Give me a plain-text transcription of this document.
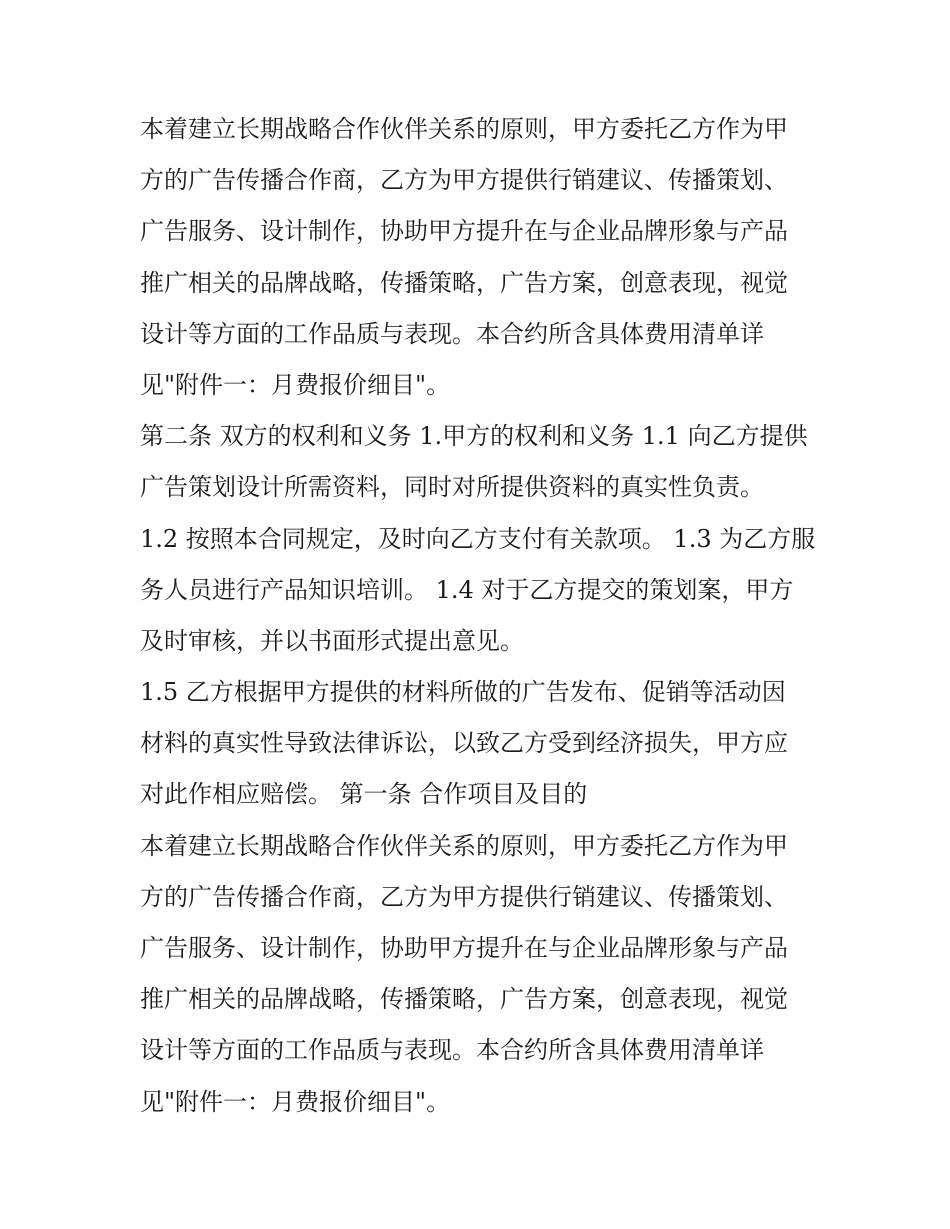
本着建立长期战略合作伙伴关系的原则，甲方委托乙方作为甲
方的广告传播合作商，乙方为甲方提供行销建议、传播策划、
广告服务、设计制作，协助甲方提升在与企业品牌形象与产品
推广相关的品牌战略，传播策略，广告方案，创意表现，视觉
设计等方面的工作品质与表现。本合约所含具体费用清单详
见"附件一：月费报价细目"。
第二条 双方的权利和义务 1.甲方的权利和义务 1.1 向乙方提供
广告策划设计所需资料，同时对所提供资料的真实性负责。
1.2 按照本合同规定，及时向乙方支付有关款项。 1.3 为乙方服
务人员进行产品知识培训。 1.4 对于乙方提交的策划案，甲方
及时审核，并以书面形式提出意见。
1.5 乙方根据甲方提供的材料所做的广告发布、促销等活动因
材料的真实性导致法律诉讼，以致乙方受到经济损失，甲方应
对此作相应赔偿。 第一条 合作项目及目的
本着建立长期战略合作伙伴关系的原则，甲方委托乙方作为甲
方的广告传播合作商，乙方为甲方提供行销建议、传播策划、
广告服务、设计制作，协助甲方提升在与企业品牌形象与产品
推广相关的品牌战略，传播策略，广告方案，创意表现，视觉
设计等方面的工作品质与表现。本合约所含具体费用清单详
见"附件一：月费报价细目"。
